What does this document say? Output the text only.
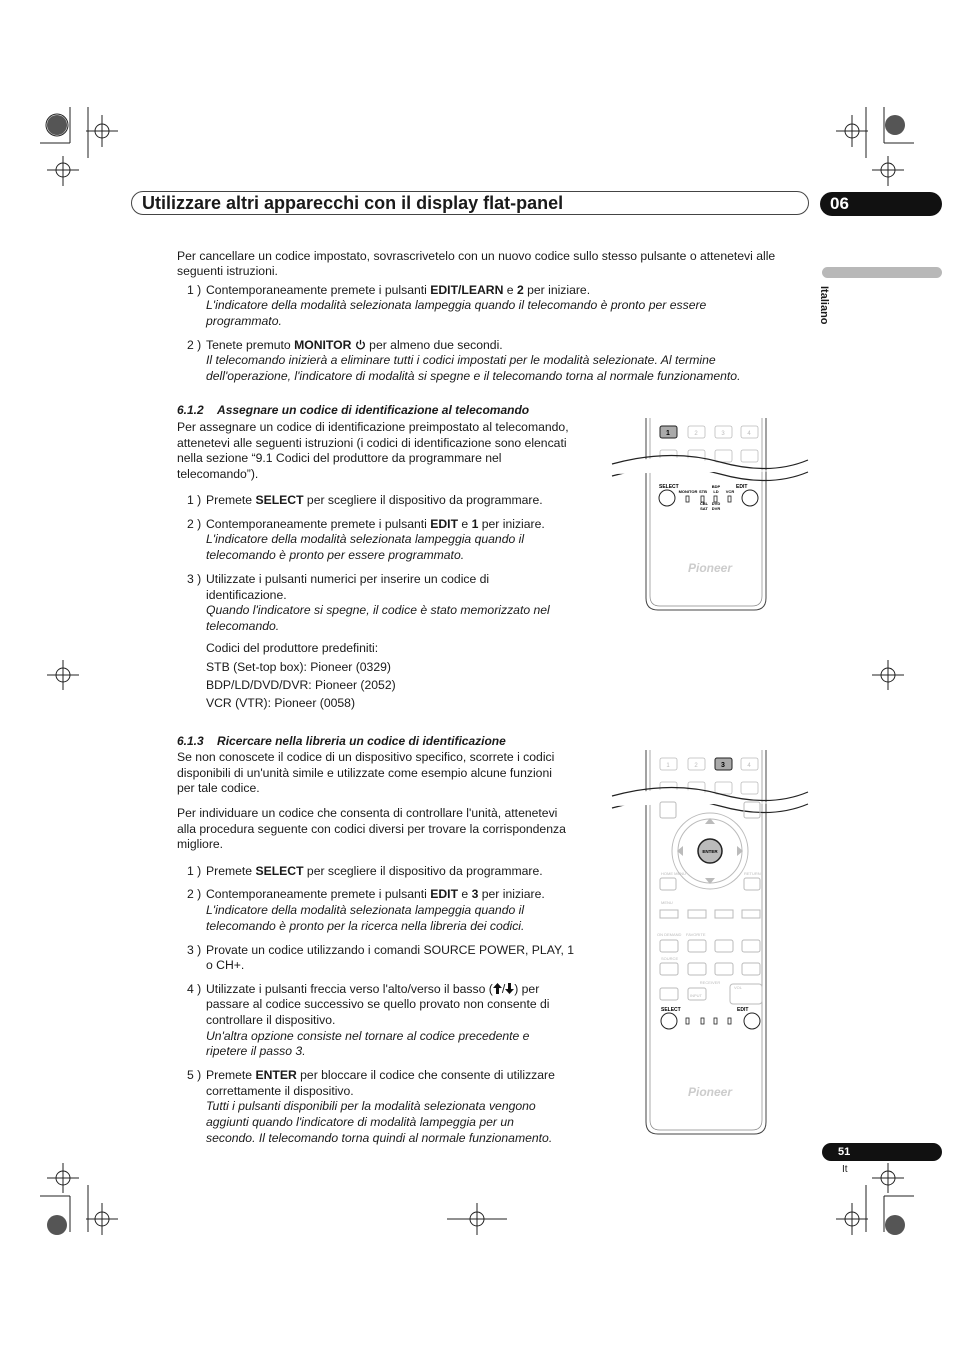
Utilizzare altri apparecchi con il display flat-panel	06
Italiano
Per cancellare un codice impostato, sovrascrivetelo con un nuovo codice sullo stesso pulsante o attenetevi alle
seguenti istruzioni.
1 ) Contemporaneamente premete i pulsanti EDIT/LEARN e 2 per iniziare.
L'indicatore della modalità selezionata lampeggia quando il telecomando è pronto per essere
programmato.
2 ) Tenete premuto MONITOR  per almeno due secondi.
Il telecomando inizierà a eliminare tutti i codici impostati per le modalità selezionate. Al termine
dell'operazione, l'indicatore di modalità si spegne e il telecomando torna al normale funzionamento.
6.1.2 Assegnare un codice di identificazione al telecomando
Per assegnare un codice di identificazione preimpostato al telecomando,
attenetevi alle seguenti istruzioni (i codici di identificazione sono elencati
nella sezione “9.1 Codici del produttore da programmare nel
telecomando”).
1 ) Premete SELECT per scegliere il dispositivo da programmare.
2 ) Contemporaneamente premete i pulsanti EDIT e 1 per iniziare.
L'indicatore della modalità selezionata lampeggia quando il
telecomando è pronto per essere programmato.
3 ) Utilizzate i pulsanti numerici per inserire un codice di
identificazione.
Quando l'indicatore si spegne, il codice è stato memorizzato nel
telecomando.
Codici del produttore predefiniti:
STB (Set-top box): Pioneer (0329)
BDP/LD/DVD/DVR: Pioneer (2052)
VCR (VTR): Pioneer (0058)
1	2	3	4
SELECT	EDIT
MONITOR STB
BDP
LD VCR
CBL DVD
SAT DVR
Pioneer
6.1.3 Ricercare nella libreria un codice di identificazione
Se non conoscete il codice di un dispositivo specifico, scorrete i codici
disponibili di un'unità simile e utilizzate come esempio alcune funzioni
per tale codice.
Per individuare un codice che consenta di controllare l'unità, attenetevi
alla procedura seguente con codici diversi per trovare la corrispondenza
migliore.
1 ) Premete SELECT per scegliere il dispositivo da programmare.
2 ) Contemporaneamente premete i pulsanti EDIT e 3 per iniziare.
L'indicatore della modalità selezionata lampeggia quando il
telecomando è pronto per la ricerca nella libreria dei codici.
3 ) Provate un codice utilizzando i comandi SOURCE POWER, PLAY, 1
o CH+.
4 ) Utilizzate i pulsanti freccia verso l'alto/verso il basso ( / ) per
passare al codice successivo se quello provato non consente di
controllare il dispositivo.
Un'altra opzione consiste nel tornare al codice precedente e
ripetere il passo 3.
5 ) Premete ENTER per bloccare il codice che consente di utilizzare
correttamente il dispositivo.
Tutti i pulsanti disponibili per la modalità selezionata vengono
aggiunti quando l'indicatore di modalità lampeggia per un
secondo. Il telecomando torna quindi al normale funzionamento.
1	2	3	4
ENTER
HOME MENU	RETURN
MENU
ON DEMAND FAVORITE
SOURCE
RECEIVER
INPUT
VOL
SELECT	EDIT
Pioneer
51
It
